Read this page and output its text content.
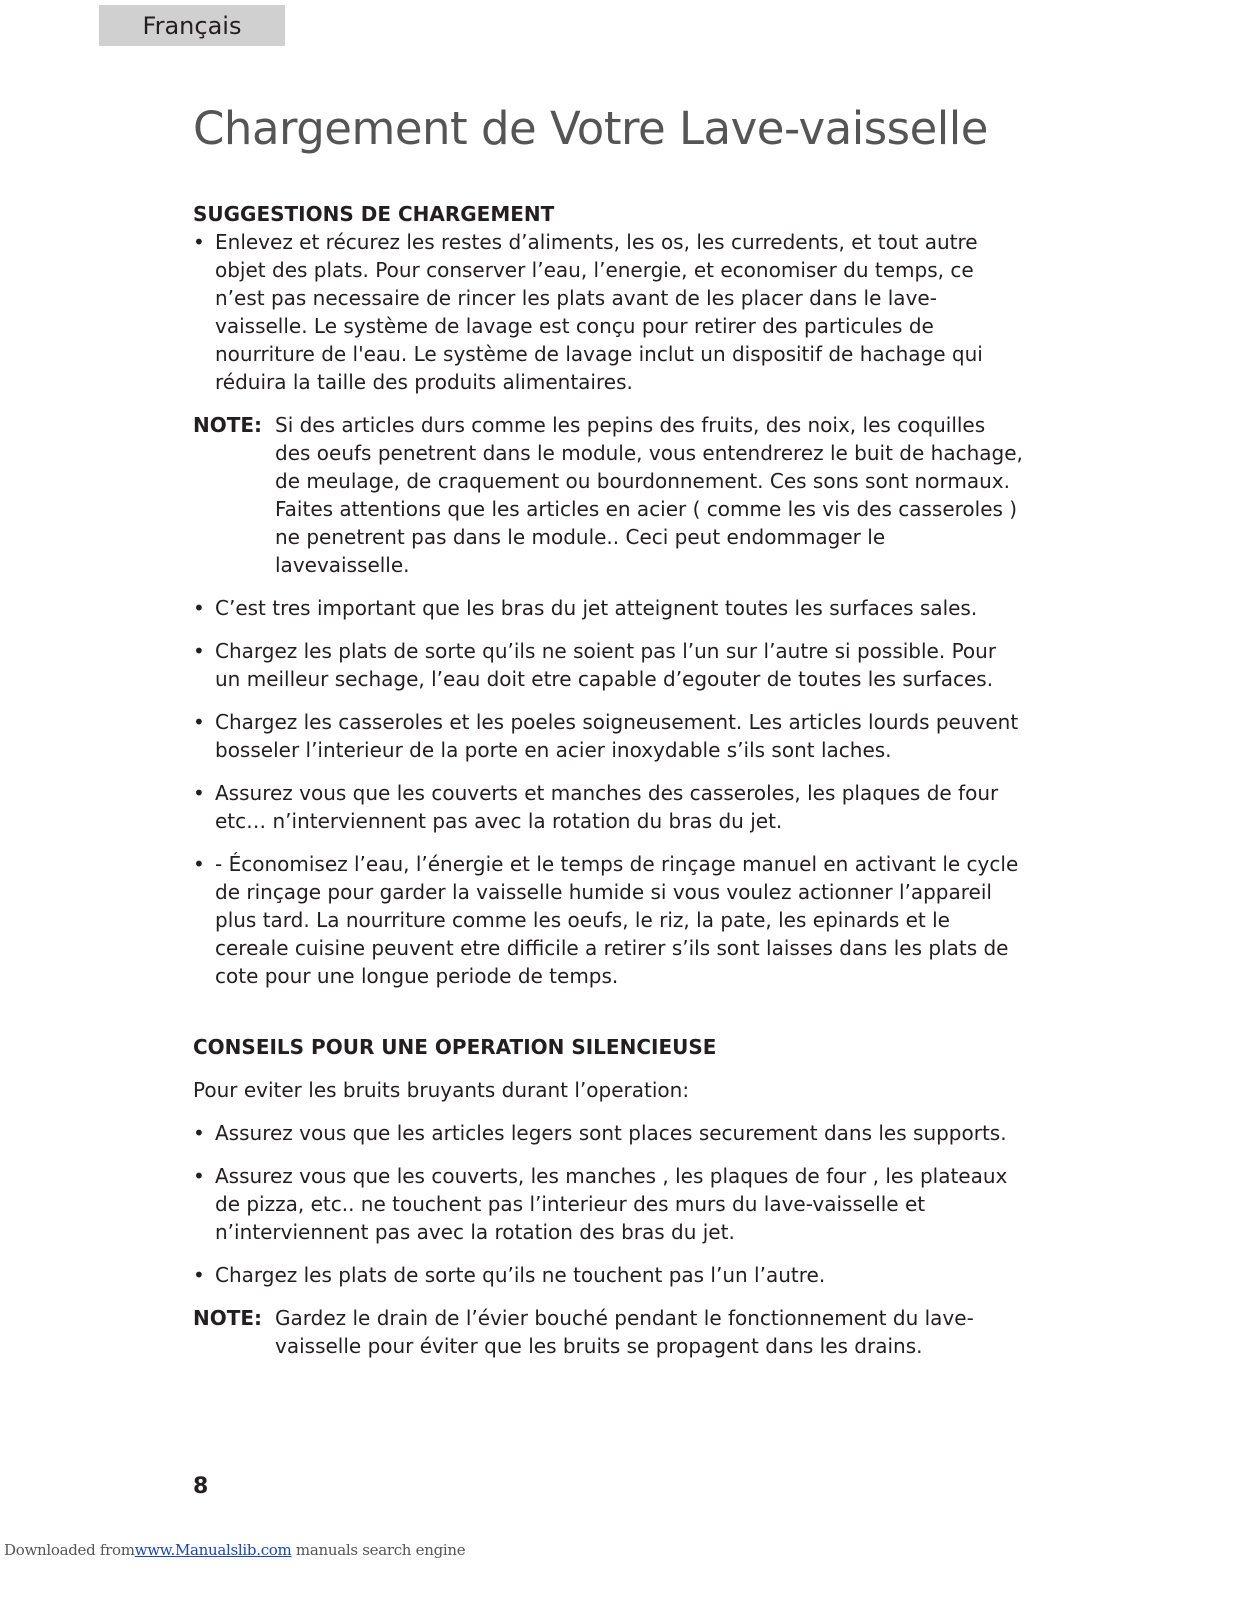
Français
Chargement de Votre Lave-vaisselle

SUGGESTIONS DE CHARGEMENT

• Enlevez et récurez les restes d’aliments, les os, les curredents, et tout autre objet des plats. Pour conserver l’eau, l’energie, et economiser du temps, ce n’est pas necessaire de rincer les plats avant de les placer dans le lave-vaisselle. Le système de lavage est conçu pour retirer des particules de nourriture de l'eau. Le système de lavage inclut un dispositif de hachage qui réduira la taille des produits alimentaires.
NOTE: Si des articles durs comme les pepins des fruits, des noix, les coquilles des oeufs penetrent dans le module, vous entendrerez le buit de hachage, de meulage, de craquement ou bourdonnement. Ces sons sont normaux. Faites attentions que les articles en acier ( comme les vis des casseroles ) ne penetrent pas dans le module.. Ceci peut endommager le lavevaisselle.
• C’est tres important que les bras du jet atteignent toutes les surfaces sales.
• Chargez les plats de sorte qu’ils ne soient pas l’un sur l’autre si possible. Pour un meilleur sechage, l’eau doit etre capable d’egouter de toutes les surfaces.
• Chargez les casseroles et les poeles soigneusement. Les articles lourds peuvent bosseler l’interieur de la porte en acier inoxydable s’ils sont laches.
• Assurez vous que les couverts et manches des casseroles, les plaques de four etc… n’interviennent pas avec la rotation du bras du jet.
• - Économisez l’eau, l’énergie et le temps de rinçage manuel en activant le cycle de rinçage pour garder la vaisselle humide si vous voulez actionner l’appareil plus tard. La nourriture comme les oeufs, le riz, la pate, les epinards et le cereale cuisine peuvent etre difficile a retirer s’ils sont laisses dans les plats de cote pour une longue periode de temps.

CONSEILS POUR UNE OPERATION SILENCIEUSE

Pour eviter les bruits bruyants durant l’operation:

• Assurez vous que les articles legers sont places securement dans les supports.
• Assurez vous que les couverts, les manches , les plaques de four , les plateaux de pizza, etc.. ne touchent pas l’interieur des murs du lave-vaisselle et n’interviennent pas avec la rotation des bras du jet.
• Chargez les plats de sorte qu’ils ne touchent pas l’un l’autre.
NOTE: Gardez le drain de l’évier bouché pendant le fonctionnement du lave-vaisselle pour éviter que les bruits se propagent dans les drains.
8
Downloaded fromwww.Manualslib.com manuals search engine
